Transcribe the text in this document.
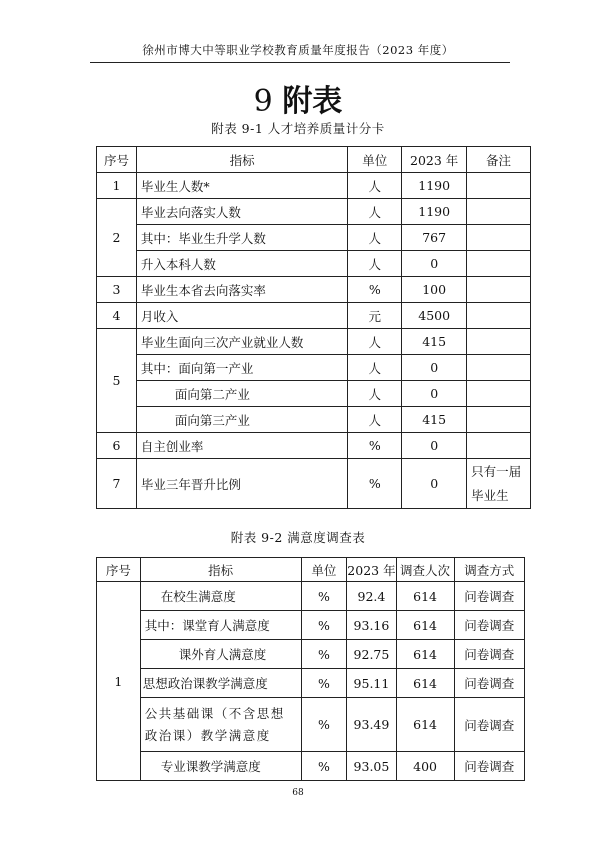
徐州市博大中等职业学校教育质量年度报告（2023 年度）
9 附表
附表 9-1 人才培养质量计分卡
序号	指标	单位	2023 年	备注
1	毕业生人数*	人	1190	
2	毕业去向落实人数	人	1190	
	其中：毕业生升学人数	人	767	
	升入本科人数	人	0	
3	毕业生本省去向落实率	%	100	
4	月收入	元	4500	
5	毕业生面向三次产业就业人数	人	415	
	其中：面向第一产业	人	0	
	面向第二产业	人	0	
	面向第三产业	人	415	
6	自主创业率	%	0	
7	毕业三年晋升比例	%	0	只有一届毕业生
附表 9-2 满意度调查表
序号	指标	单位	2023 年	调查人次	调查方式
1	在校生满意度	%	92.4	614	问卷调查
	其中：课堂育人满意度	%	93.16	614	问卷调查
	课外育人满意度	%	92.75	614	问卷调查
	思想政治课教学满意度	%	95.11	614	问卷调查
	公共基础课（不含思想政治课）教学满意度	%	93.49	614	问卷调查
	专业课教学满意度	%	93.05	400	问卷调查
68
